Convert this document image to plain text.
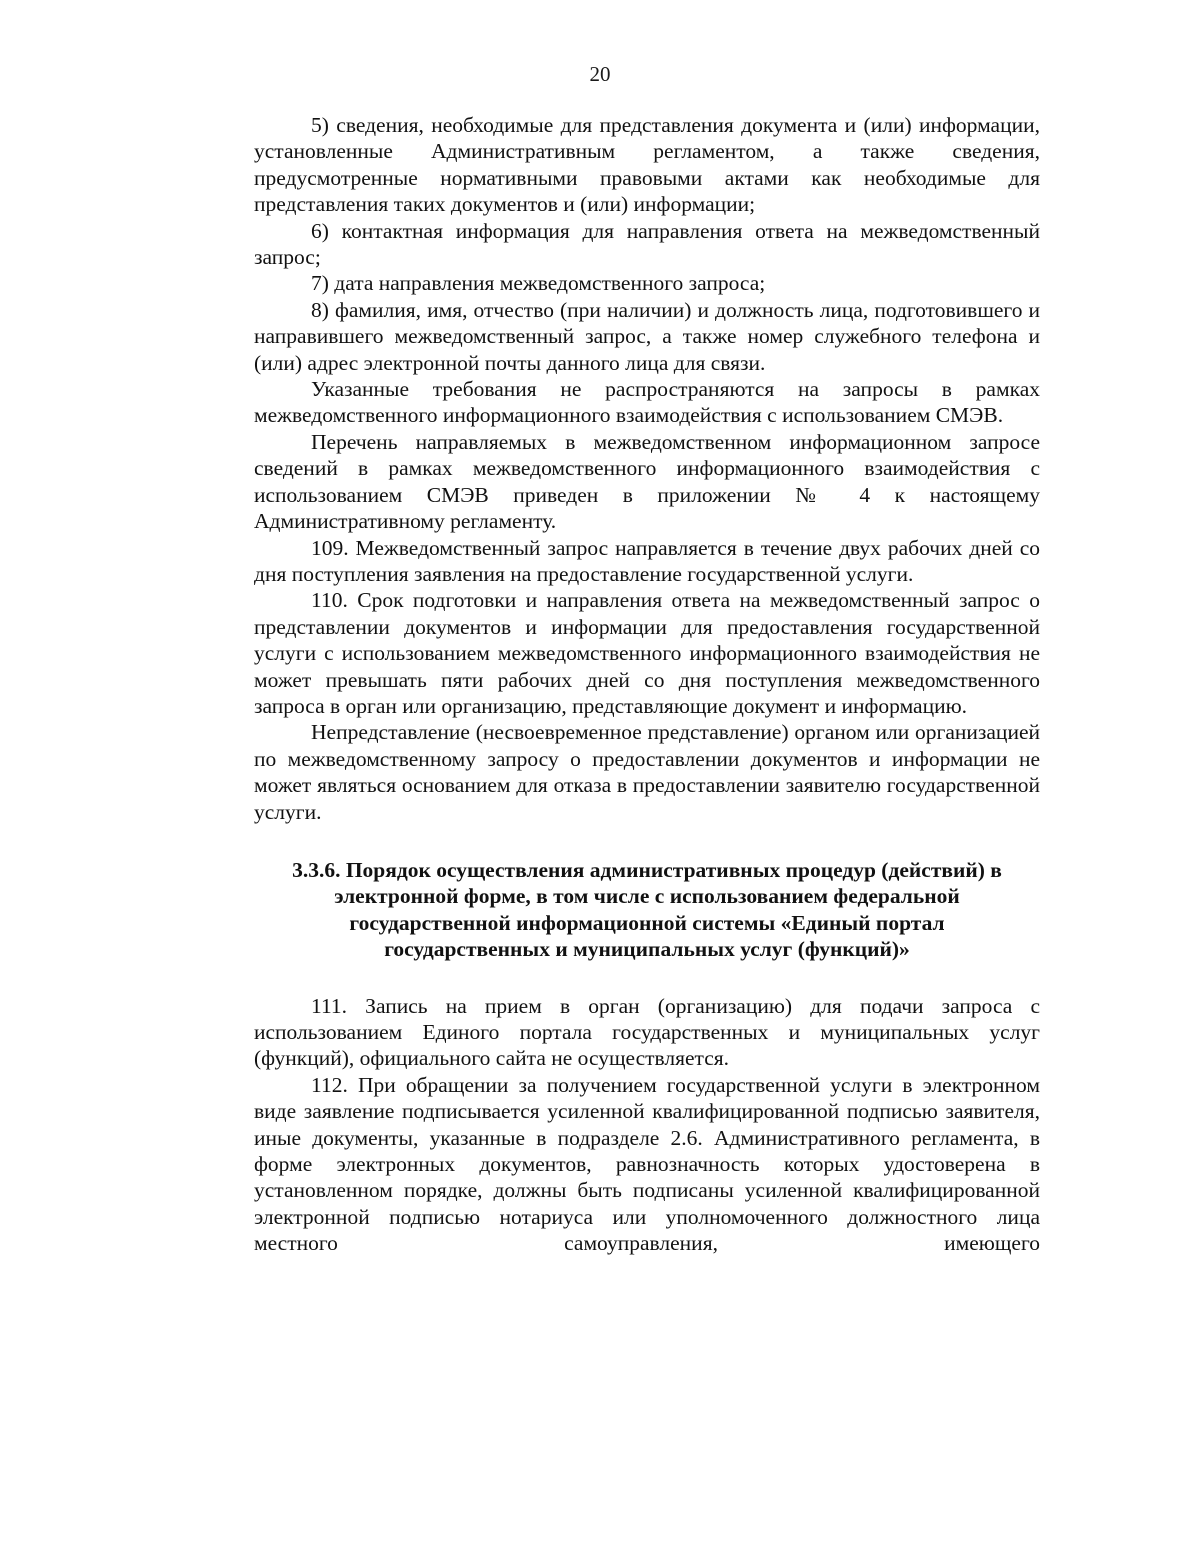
20

5) сведения, необходимые для представления документа и (или) информации, установленные Административным регламентом, а также сведения, предусмотренные нормативными правовыми актами как необходимые для представления таких документов и (или) информации;

6) контактная информация для направления ответа на межведомственный запрос;

7) дата направления межведомственного запроса;

8) фамилия, имя, отчество (при наличии) и должность лица, подготовившего и направившего межведомственный запрос, а также номер служебного телефона и (или) адрес электронной почты данного лица для связи.

Указанные требования не распространяются на запросы в рамках межведомственного информационного взаимодействия с использованием СМЭВ.

Перечень направляемых в межведомственном информационном запросе сведений в рамках межведомственного информационного взаимодействия с использованием СМЭВ приведен в приложении № 4 к настоящему Административному регламенту.

109. Межведомственный запрос направляется в течение двух рабочих дней со дня поступления заявления на предоставление государственной услуги.

110. Срок подготовки и направления ответа на межведомственный запрос о представлении документов и информации для предоставления государственной услуги с использованием межведомственного информационного взаимодействия не может превышать пяти рабочих дней со дня поступления межведомственного запроса в орган или организацию, представляющие документ и информацию.

Непредставление (несвоевременное представление) органом или организацией по межведомственному запросу о предоставлении документов и информации не может являться основанием для отказа в предоставлении заявителю государственной услуги.

3.3.6. Порядок осуществления административных процедур (действий) в
электронной форме, в том числе с использованием федеральной
государственной информационной системы «Единый портал
государственных и муниципальных услуг (функций)»

111. Запись на прием в орган (организацию) для подачи запроса с использованием Единого портала государственных и муниципальных услуг (функций), официального сайта не осуществляется.

112. При обращении за получением государственной услуги в электронном виде заявление подписывается усиленной квалифицированной подписью заявителя, иные документы, указанные в подразделе 2.6. Административного регламента, в форме электронных документов, равнозначность которых удостоверена в установленном порядке, должны быть подписаны усиленной квалифицированной электронной подписью нотариуса или уполномоченного должностного лица местного самоуправления, имеющего
